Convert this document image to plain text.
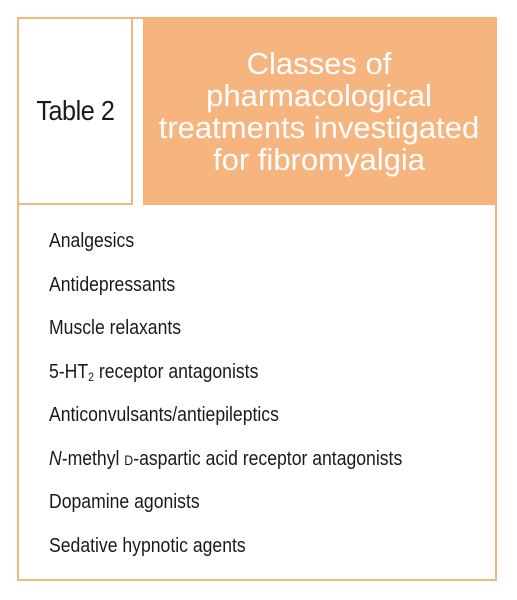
Table 2
Classes of pharmacological treatments investigated for fibromyalgia
Analgesics
Antidepressants
Muscle relaxants
$5-HT_2$ receptor antagonists
Anticonvulsants/antiepileptics
N-methyl d-aspartic acid receptor antagonists
Dopamine agonists
Sedative hypnotic agents
